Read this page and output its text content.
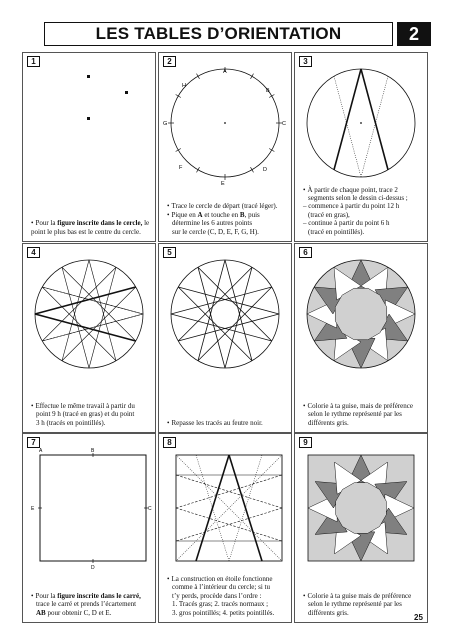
LES TABLES D’ORIENTATION	2
1
• Pour la figure inscrite dans le cercle, le point le plus bas est le centre du cercle.
2
A
B
C
D
E
F
G
H
• Trace le cercle de départ (tracé léger).
• Pique en A et touche en B, puis
détermine les 6 autres points
sur le cercle (C, D, E, F, G, H).
3
• À partir de chaque point, trace 2
segments selon le dessin ci-dessus ;
– commence à partir du point 12 h
(tracé en gras),
– continue à partir du point 6 h
(tracé en pointillés).
4
• Effectue le même travail à partir du
point 9 h (tracé en gras) et du point
3 h (tracés en pointillés).
5
• Repasse les tracés au feutre noir.
6
• Colorie à ta guise, mais de préférence
selon le rythme représenté par les
différents gris.
7
A	B
C
D
E
• Pour la figure inscrite dans le carré,
trace le carré et prends l’écartement
AB pour obtenir C, D et E.
8
• La construction en étoile fonctionne
comme à l’intérieur du cercle; si tu
t’y perds, procède dans l’ordre :
1. Tracés gras; 2. tracés normaux ;
3. gros pointillés; 4. petits pointillés.
9
• Colorie à ta guise mais de préférence
selon le rythme représenté par les
différents gris.
25
